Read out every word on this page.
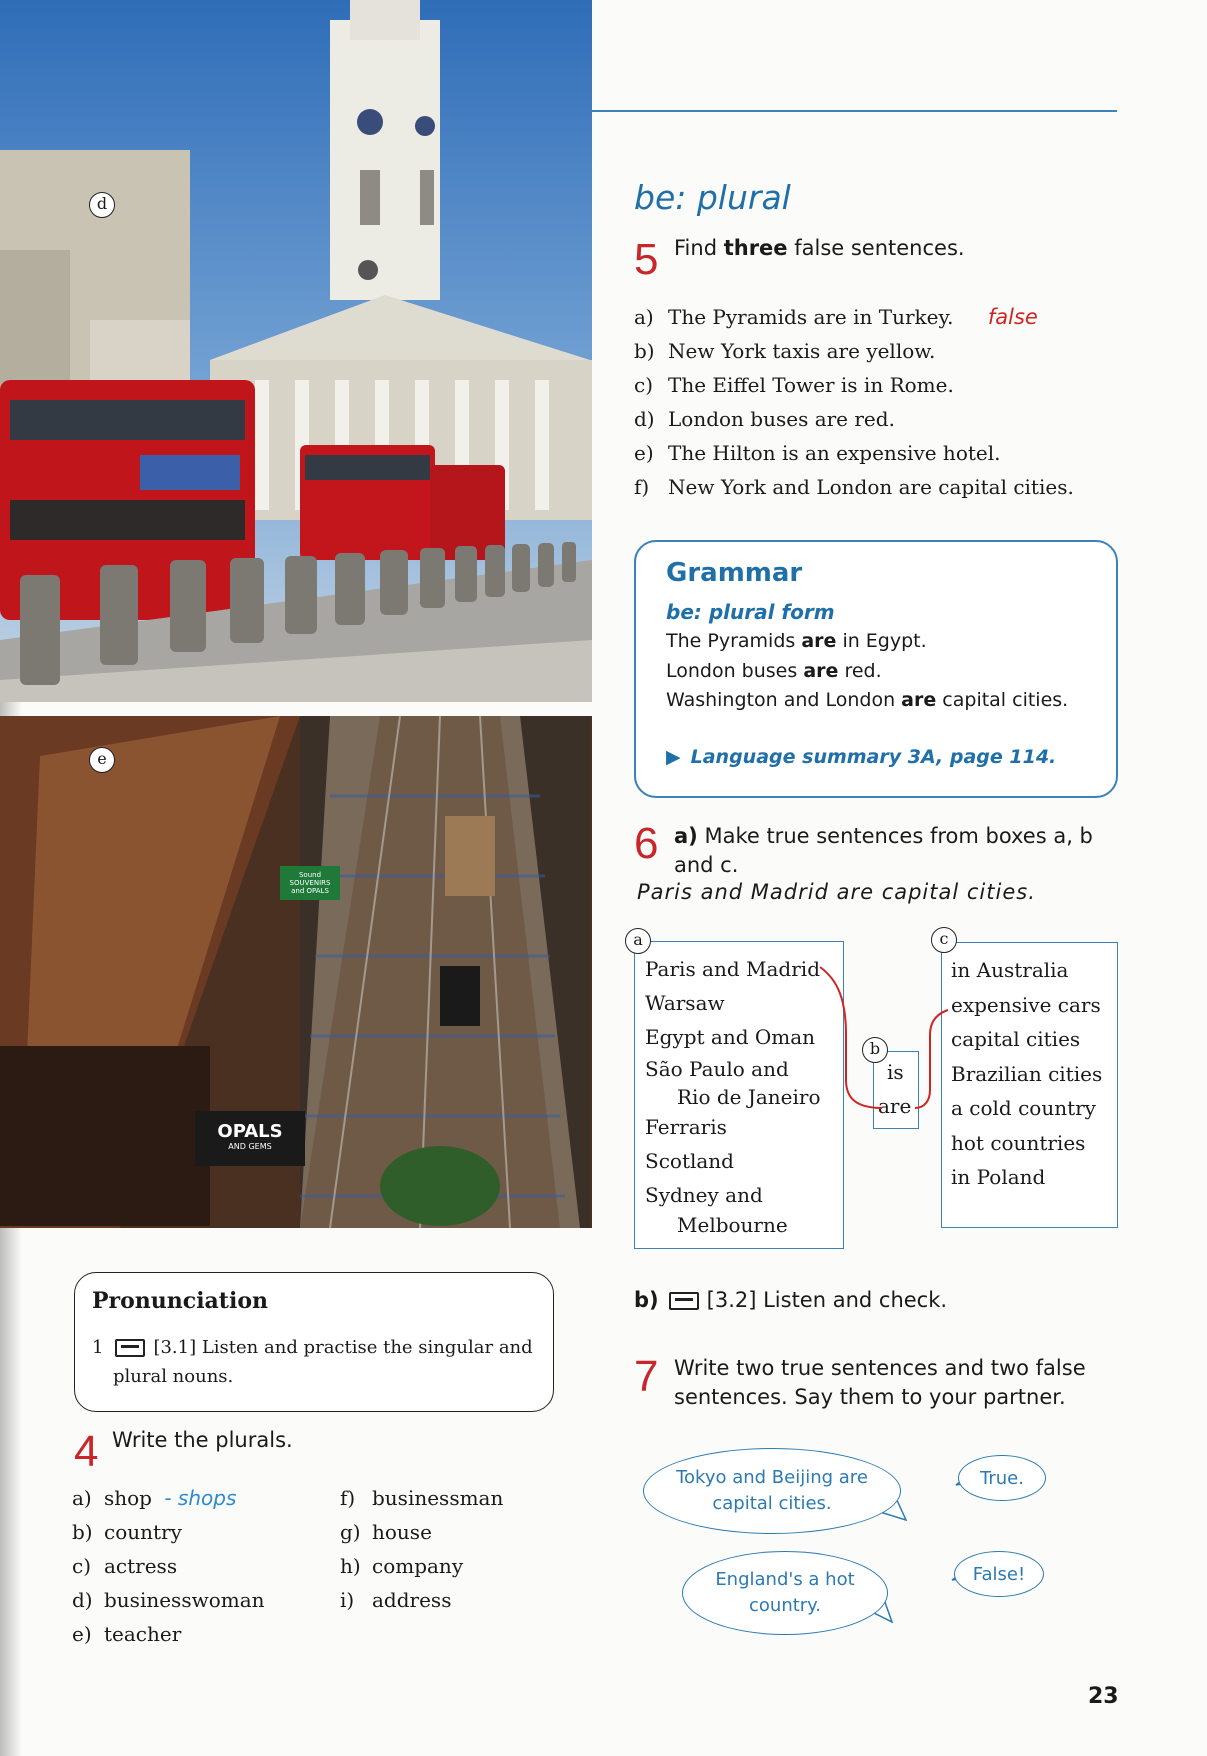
d
Sound SOUVENIRS and OPALS
OPALS
AND GEMS
e
be: plural
5 Find three false sentences.
a) The Pyramids are in Turkey. false
b) New York taxis are yellow.
c) The Eiffel Tower is in Rome.
d) London buses are red.
e) The Hilton is an expensive hotel.
f) New York and London are capital cities.
Grammar
be: plural form
The Pyramids are in Egypt.
London buses are red.
Washington and London are capital cities.
▶ Language summary 3A, page 114.
6 a) Make true sentences from boxes a, b
and c.
Paris and Madrid are capital cities.
Paris and Madrid
Warsaw
Egypt and Oman
São Paulo and
Rio de Janeiro
Ferraris
Scotland
Sydney and
Melbourne
a
is
are
b
in Australia
expensive cars
capital cities
Brazilian cities
a cold country
hot countries
in Poland
c
b) [3.2] Listen and check.
7 Write two true sentences and two false
sentences. Say them to your partner.
Tokyo and Beijing are capital cities.
True.
England's a hot country.
False!
Pronunciation
1	[3.1] Listen and practise the singular and
plural nouns.
4 Write the plurals.
a) shop - shops
b) country
c) actress
d) businesswoman
e) teacher
f) businessman
g) house
h) company
i) address
23
